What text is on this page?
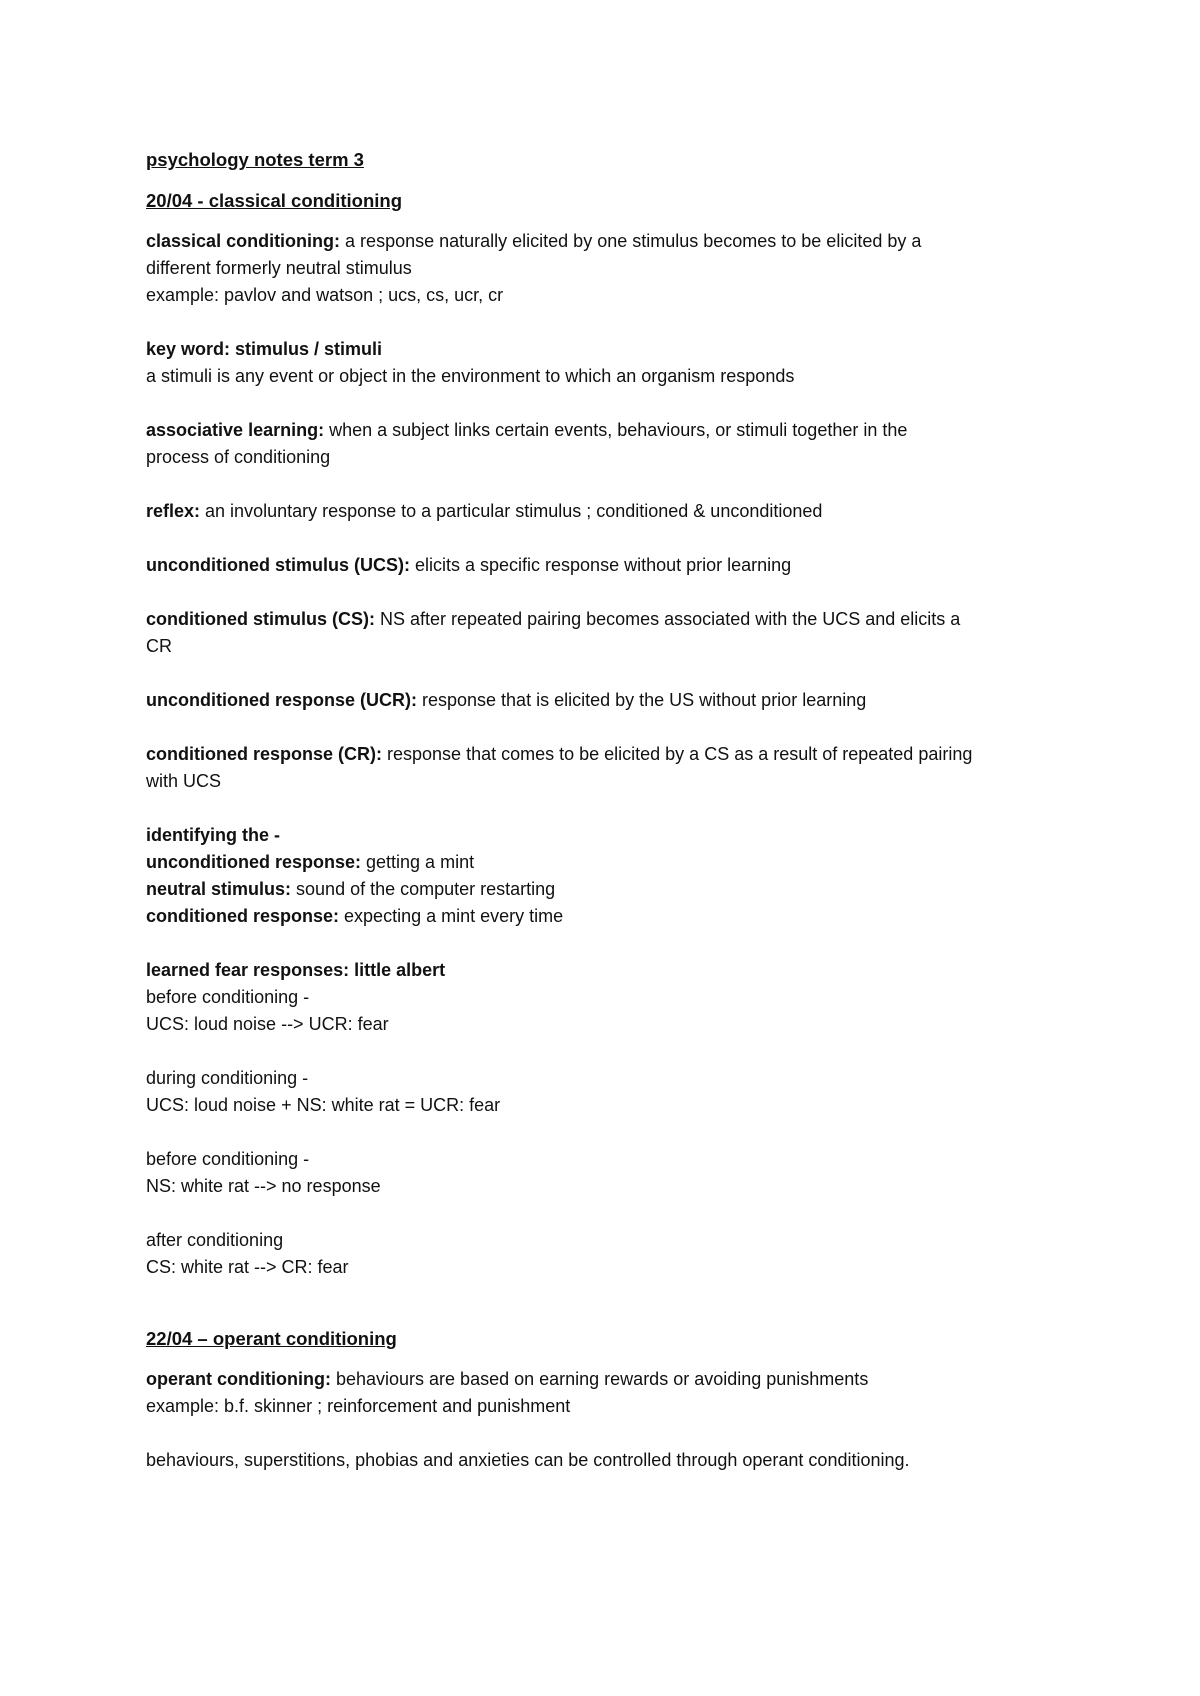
psychology notes term 3
20/04 - classical conditioning
classical conditioning: a response naturally elicited by one stimulus becomes to be elicited by a
different formerly neutral stimulus
example: pavlov and watson ; ucs, cs, ucr, cr
key word: stimulus / stimuli
a stimuli is any event or object in the environment to which an organism responds
associative learning: when a subject links certain events, behaviours, or stimuli together in the
process of conditioning
reflex: an involuntary response to a particular stimulus ; conditioned & unconditioned
unconditioned stimulus (UCS): elicits a specific response without prior learning
conditioned stimulus (CS): NS after repeated pairing becomes associated with the UCS and elicits a
CR
unconditioned response (UCR): response that is elicited by the US without prior learning
conditioned response (CR): response that comes to be elicited by a CS as a result of repeated pairing
with UCS
identifying the -
unconditioned response: getting a mint
neutral stimulus: sound of the computer restarting
conditioned response: expecting a mint every time
learned fear responses: little albert
before conditioning -
UCS: loud noise --> UCR: fear
during conditioning -
UCS: loud noise + NS: white rat = UCR: fear
before conditioning -
NS: white rat --> no response
after conditioning
CS: white rat --> CR: fear
22/04 – operant conditioning
operant conditioning: behaviours are based on earning rewards or avoiding punishments
example: b.f. skinner ; reinforcement and punishment
behaviours, superstitions, phobias and anxieties can be controlled through operant conditioning.
